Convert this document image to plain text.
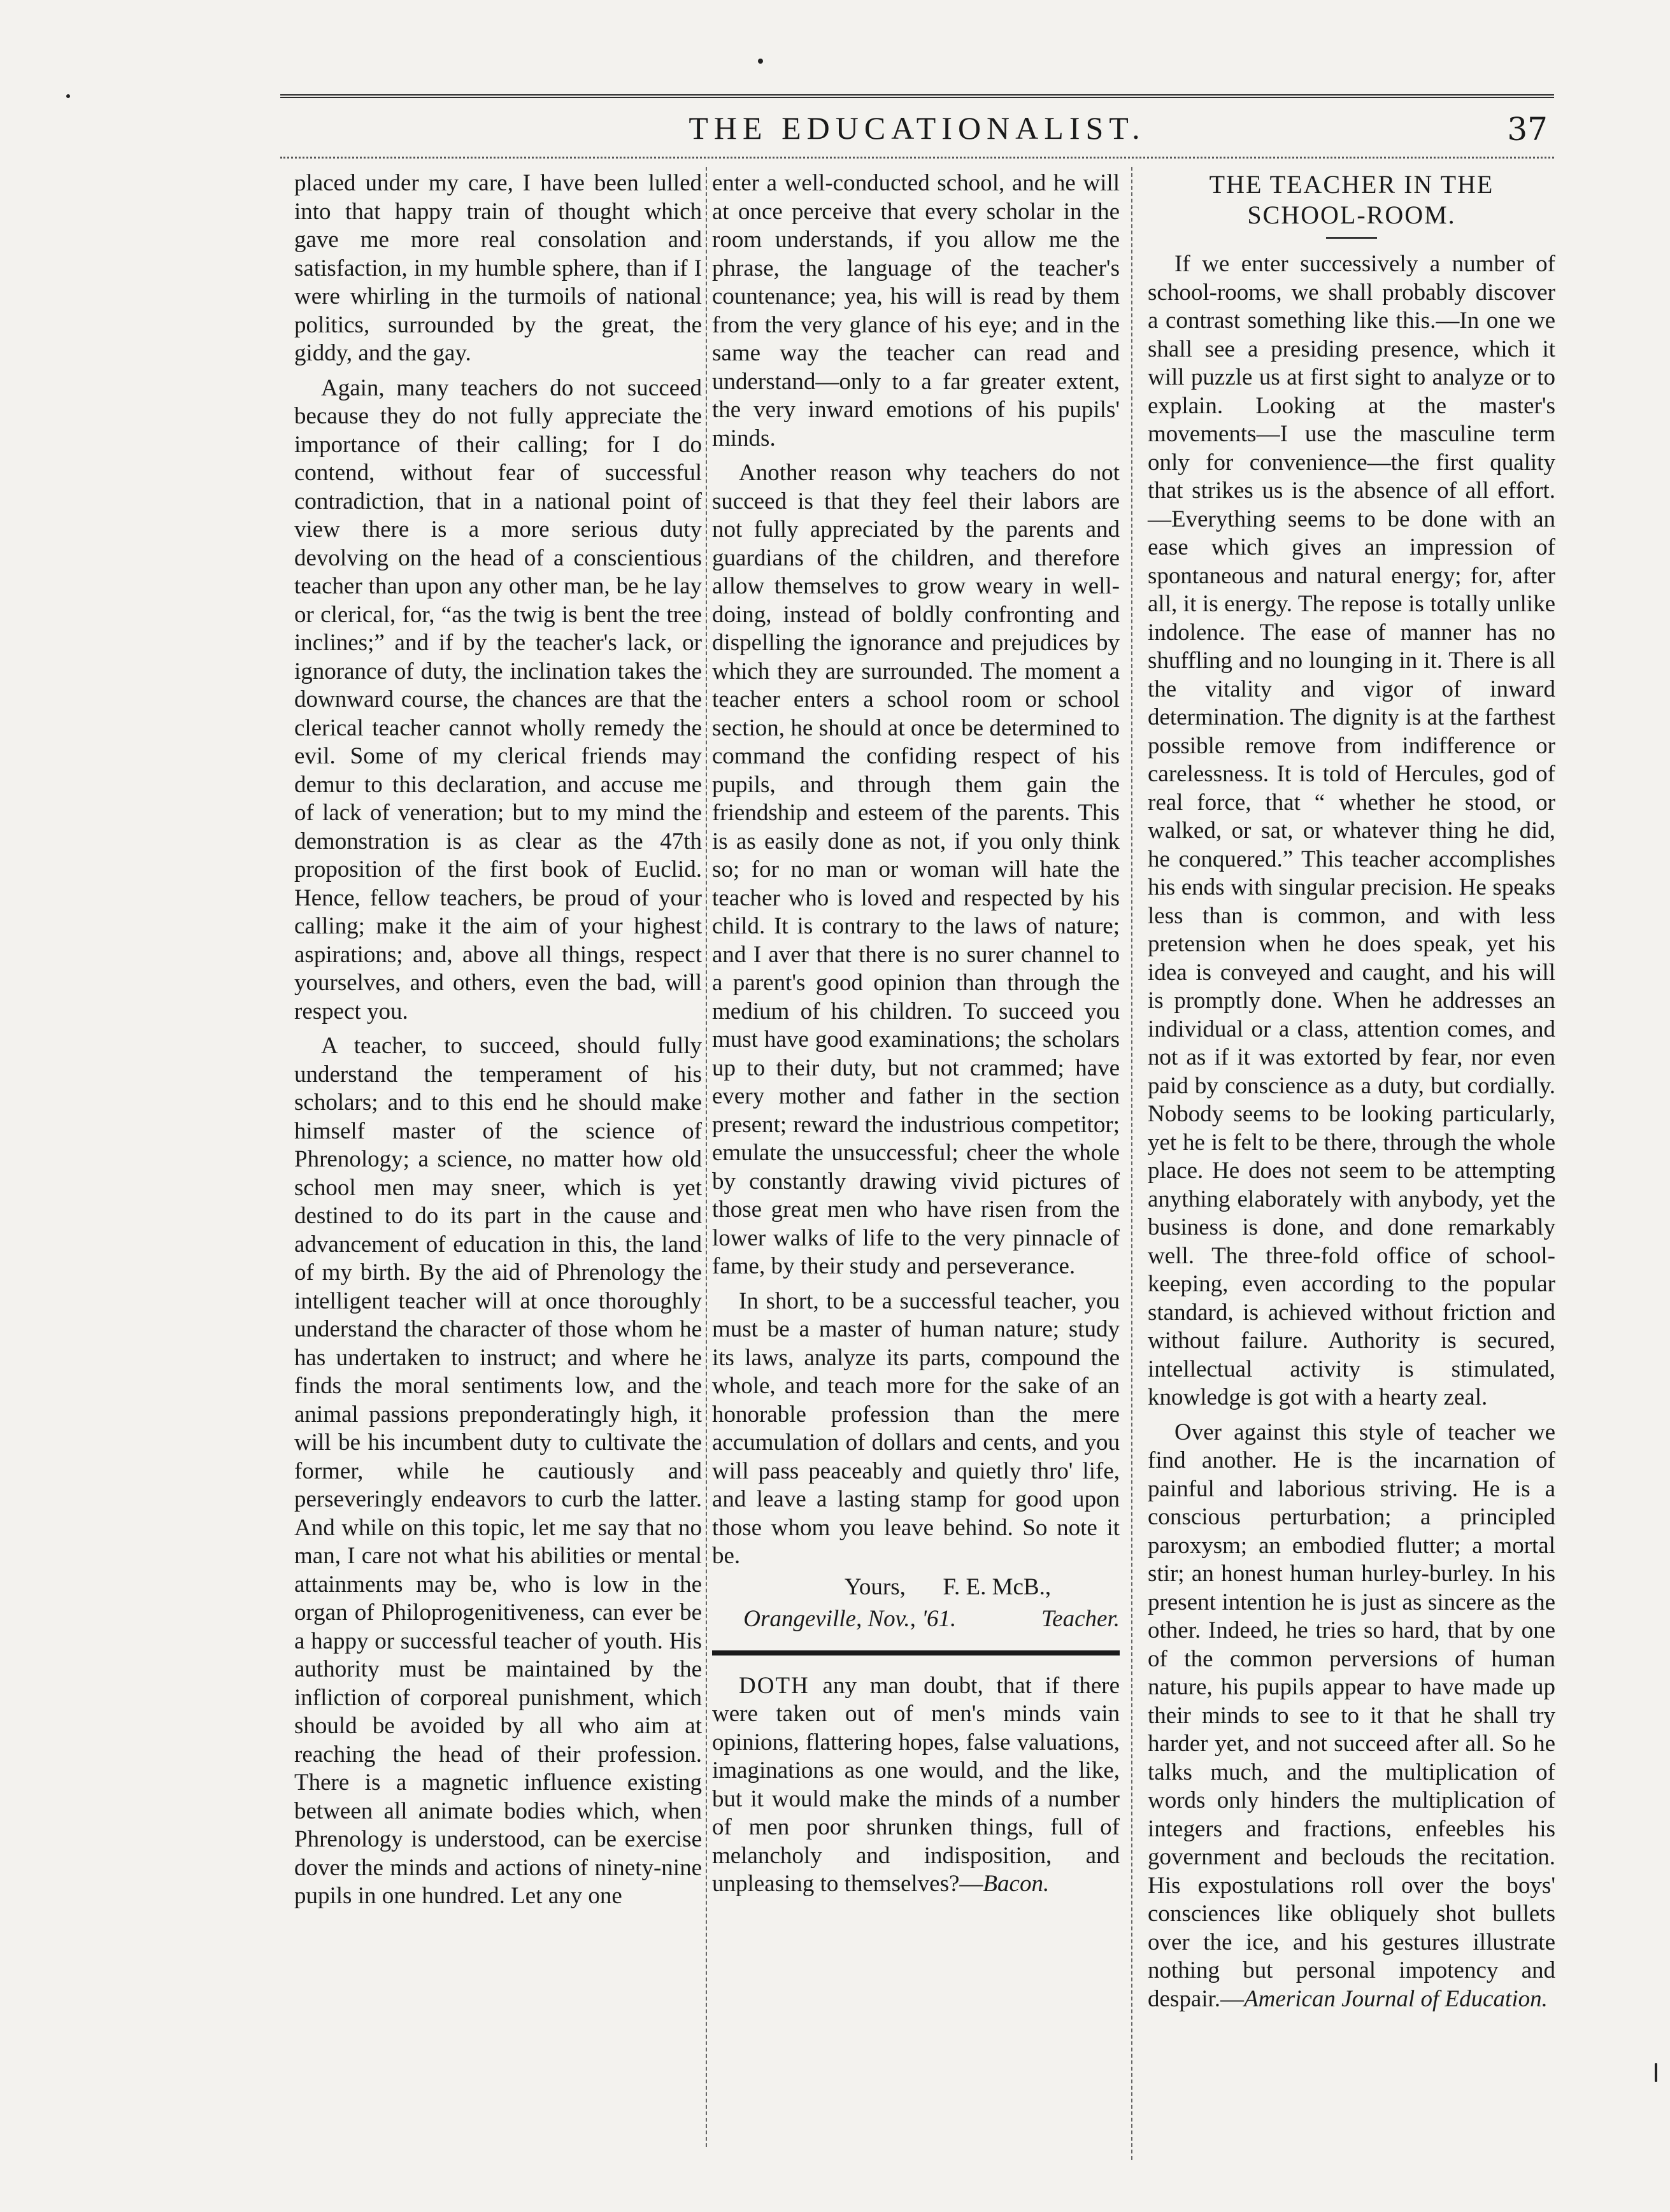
THE EDUCATIONALIST.	37

placed under my care, I have been lulled into that happy train of thought which gave me more real consolation and satisfaction, in my humble sphere, than if I were whirling in the turmoils of national politics, surrounded by the great, the giddy, and the gay.

Again, many teachers do not succeed because they do not fully appreciate the importance of their calling; for I do contend, without fear of successful contradiction, that in a national point of view there is a more serious duty devolving on the head of a conscientious teacher than upon any other man, be he lay or clerical, for, “as the twig is bent the tree inclines;” and if by the teacher's lack, or ignorance of duty, the inclination takes the downward course, the chances are that the clerical teacher cannot wholly remedy the evil. Some of my clerical friends may demur to this declaration, and accuse me of lack of veneration; but to my mind the demonstration is as clear as the 47th proposition of the first book of Euclid. Hence, fellow teachers, be proud of your calling; make it the aim of your highest aspirations; and, above all things, respect yourselves, and others, even the bad, will respect you.

A teacher, to succeed, should fully understand the temperament of his scholars; and to this end he should make himself master of the science of Phrenology; a science, no matter how old school men may sneer, which is yet destined to do its part in the cause and advancement of education in this, the land of my birth. By the aid of Phrenology the intelligent teacher will at once thoroughly understand the character of those whom he has undertaken to instruct; and where he finds the moral sentiments low, and the animal passions preponderatingly high, it will be his incumbent duty to cultivate the former, while he cautiously and perseveringly endeavors to curb the latter. And while on this topic, let me say that no man, I care not what his abilities or mental attainments may be, who is low in the organ of Philoprogenitiveness, can ever be a happy or successful teacher of youth. His authority must be maintained by the infliction of corporeal punishment, which should be avoided by all who aim at reaching the head of their profession. There is a magnetic influence existing between all animate bodies which, when Phrenology is understood, can be exercise dover the minds and actions of ninety-nine pupils in one hundred. Let any one

enter a well-conducted school, and he will at once perceive that every scholar in the room understands, if you allow me the phrase, the language of the teacher's countenance; yea, his will is read by them from the very glance of his eye; and in the same way the teacher can read and understand—only to a far greater extent, the very inward emotions of his pupils' minds.

Another reason why teachers do not succeed is that they feel their labors are not fully appreciated by the parents and guardians of the children, and therefore allow themselves to grow weary in well-doing, instead of boldly confronting and dispelling the ignorance and prejudices by which they are surrounded. The moment a teacher enters a school room or school section, he should at once be determined to command the confiding respect of his pupils, and through them gain the friendship and esteem of the parents. This is as easily done as not, if you only think so; for no man or woman will hate the teacher who is loved and respected by his child. It is contrary to the laws of nature; and I aver that there is no surer channel to a parent's good opinion than through the medium of his children. To succeed you must have good examinations; the scholars up to their duty, but not crammed; have every mother and father in the section present; reward the industrious competitor; emulate the unsuccessful; cheer the whole by constantly drawing vivid pictures of those great men who have risen from the lower walks of life to the very pinnacle of fame, by their study and perseverance.

In short, to be a successful teacher, you must be a master of human nature; study its laws, analyze its parts, compound the whole, and teach more for the sake of an honorable profession than the mere accumulation of dollars and cents, and you will pass peaceably and quietly thro' life, and leave a lasting stamp for good upon those whom you leave behind. So note it be.

Yours, F. E. McB.,
Orangeville, Nov., '61.	Teacher.

DOTH any man doubt, that if there were taken out of men's minds vain opinions, flattering hopes, false valuations, imaginations as one would, and the like, but it would make the minds of a number of men poor shrunken things, full of melancholy and indisposition, and unpleasing to themselves?—Bacon.

THE TEACHER IN THE SCHOOL-ROOM.

If we enter successively a number of school-rooms, we shall probably discover a contrast something like this.—In one we shall see a presiding presence, which it will puzzle us at first sight to analyze or to explain. Looking at the master's movements—I use the masculine term only for convenience—the first quality that strikes us is the absence of all effort.—Everything seems to be done with an ease which gives an impression of spontaneous and natural energy; for, after all, it is energy. The repose is totally unlike indolence. The ease of manner has no shuffling and no lounging in it. There is all the vitality and vigor of inward determination. The dignity is at the farthest possible remove from indifference or carelessness. It is told of Hercules, god of real force, that “ whether he stood, or walked, or sat, or whatever thing he did, he conquered.” This teacher accomplishes his ends with singular precision. He speaks less than is common, and with less pretension when he does speak, yet his idea is conveyed and caught, and his will is promptly done. When he addresses an individual or a class, attention comes, and not as if it was extorted by fear, nor even paid by conscience as a duty, but cordially. Nobody seems to be looking particularly, yet he is felt to be there, through the whole place. He does not seem to be attempting anything elaborately with anybody, yet the business is done, and done remarkably well. The three-fold office of school-keeping, even according to the popular standard, is achieved without friction and without failure. Authority is secured, intellectual activity is stimulated, knowledge is got with a hearty zeal.

Over against this style of teacher we find another. He is the incarnation of painful and laborious striving. He is a conscious perturbation; a principled paroxysm; an embodied flutter; a mortal stir; an honest human hurley-burley. In his present intention he is just as sincere as the other. Indeed, he tries so hard, that by one of the common perversions of human nature, his pupils appear to have made up their minds to see to it that he shall try harder yet, and not succeed after all. So he talks much, and the multiplication of words only hinders the multiplication of integers and fractions, enfeebles his government and beclouds the recitation. His expostulations roll over the boys' consciences like obliquely shot bullets over the ice, and his gestures illustrate nothing but personal impotency and despair.—American Journal of Education.
